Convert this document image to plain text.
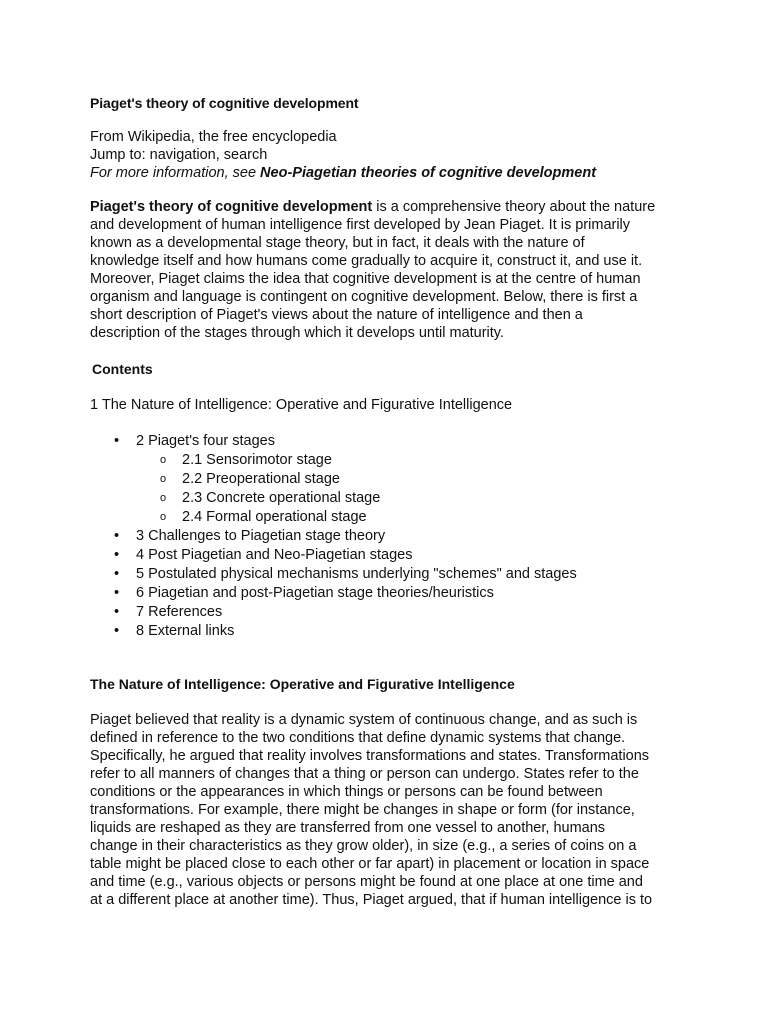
Piaget's theory of cognitive development
From Wikipedia, the free encyclopedia
Jump to: navigation, search
For more information, see Neo-Piagetian theories of cognitive development
Piaget's theory of cognitive development is a comprehensive theory about the nature
and development of human intelligence first developed by Jean Piaget. It is primarily
known as a developmental stage theory, but in fact, it deals with the nature of
knowledge itself and how humans come gradually to acquire it, construct it, and use it.
Moreover, Piaget claims the idea that cognitive development is at the centre of human
organism and language is contingent on cognitive development. Below, there is first a
short description of Piaget's views about the nature of intelligence and then a
description of the stages through which it develops until maturity.
Contents
1 The Nature of Intelligence: Operative and Figurative Intelligence
• 2 Piaget's four stages
o 2.1 Sensorimotor stage
o 2.2 Preoperational stage
o 2.3 Concrete operational stage
o 2.4 Formal operational stage
• 3 Challenges to Piagetian stage theory
• 4 Post Piagetian and Neo-Piagetian stages
• 5 Postulated physical mechanisms underlying "schemes" and stages
• 6 Piagetian and post-Piagetian stage theories/heuristics
• 7 References
• 8 External links
The Nature of Intelligence: Operative and Figurative Intelligence
Piaget believed that reality is a dynamic system of continuous change, and as such is
defined in reference to the two conditions that define dynamic systems that change.
Specifically, he argued that reality involves transformations and states. Transformations
refer to all manners of changes that a thing or person can undergo. States refer to the
conditions or the appearances in which things or persons can be found between
transformations. For example, there might be changes in shape or form (for instance,
liquids are reshaped as they are transferred from one vessel to another, humans
change in their characteristics as they grow older), in size (e.g., a series of coins on a
table might be placed close to each other or far apart) in placement or location in space
and time (e.g., various objects or persons might be found at one place at one time and
at a different place at another time). Thus, Piaget argued, that if human intelligence is to
